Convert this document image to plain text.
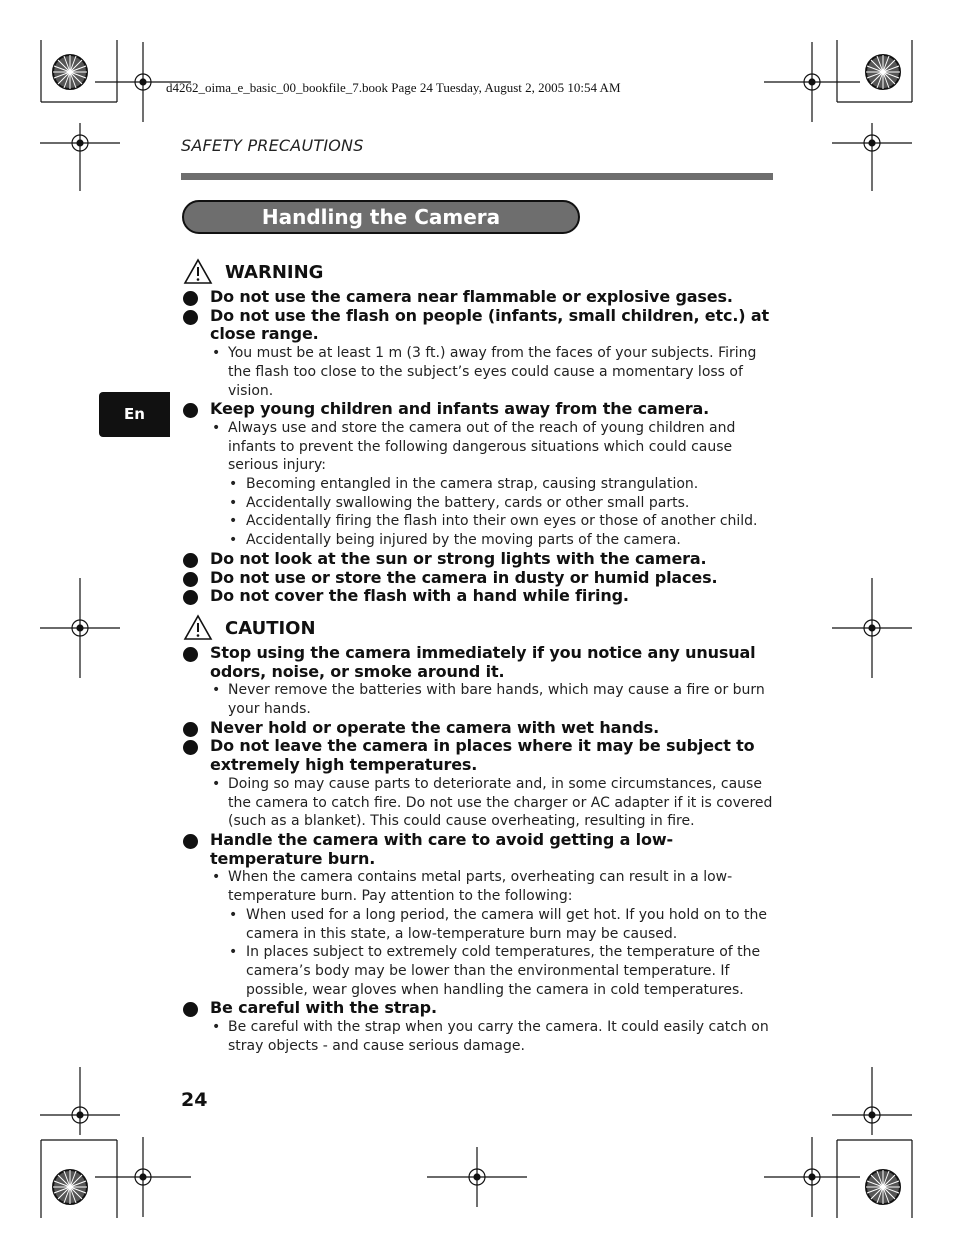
d4262_oima_e_basic_00_bookfile_7.book Page 24 Tuesday, August 2, 2005 10:54 AM
SAFETY PRECAUTIONS
Handling the Camera
En
WARNING
Do not use the camera near flammable or explosive gases.
Do not use the flash on people (infants, small children, etc.) at close range.
• You must be at least 1 m (3 ft.) away from the faces of your subjects. Firing the flash too close to the subject’s eyes could cause a momentary loss of vision.
Keep young children and infants away from the camera.
• Always use and store the camera out of the reach of young children and infants to prevent the following dangerous situations which could cause serious injury:
• Becoming entangled in the camera strap, causing strangulation.
• Accidentally swallowing the battery, cards or other small parts.
• Accidentally firing the flash into their own eyes or those of another child.
• Accidentally being injured by the moving parts of the camera.
Do not look at the sun or strong lights with the camera.
Do not use or store the camera in dusty or humid places.
Do not cover the flash with a hand while firing.
CAUTION
Stop using the camera immediately if you notice any unusual odors, noise, or smoke around it.
• Never remove the batteries with bare hands, which may cause a fire or burn your hands.
Never hold or operate the camera with wet hands.
Do not leave the camera in places where it may be subject to extremely high temperatures.
• Doing so may cause parts to deteriorate and, in some circumstances, cause the camera to catch fire. Do not use the charger or AC adapter if it is covered (such as a blanket). This could cause overheating, resulting in fire.
Handle the camera with care to avoid getting a low-temperature burn.
• When the camera contains metal parts, overheating can result in a low-temperature burn. Pay attention to the following:
• When used for a long period, the camera will get hot. If you hold on to the camera in this state, a low-temperature burn may be caused.
• In places subject to extremely cold temperatures, the temperature of the camera’s body may be lower than the environmental temperature. If possible, wear gloves when handling the camera in cold temperatures.
Be careful with the strap.
• Be careful with the strap when you carry the camera. It could easily catch on stray objects - and cause serious damage.
24
